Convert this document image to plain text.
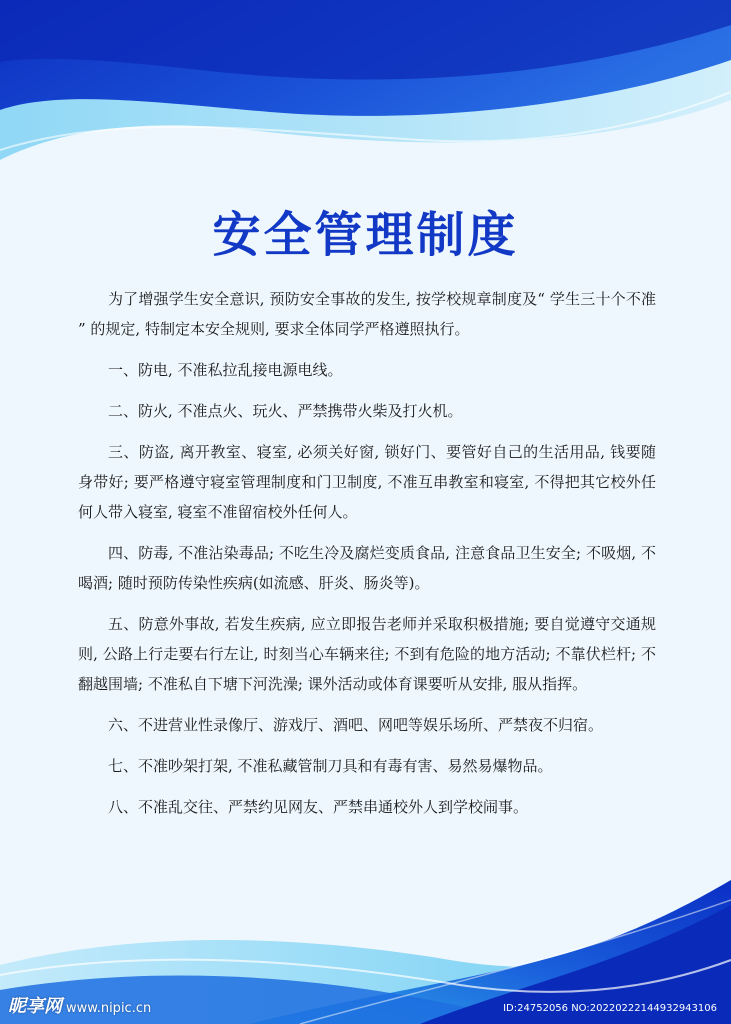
安全管理制度

为了增强学生安全意识, 预防安全事故的发生, 按学校规章制度及“ 学生三十个不准 ” 的规定, 特制定本安全规则, 要求全体同学严格遵照执行。

一、防电, 不准私拉乱接电源电线。

二、防火, 不准点火、玩火、严禁携带火柴及打火机。

三、防盗, 离开教室、寝室, 必须关好窗, 锁好门、要管好自己的生活用品, 钱要随身带好; 要严格遵守寝室管理制度和门卫制度, 不准互串教室和寝室, 不得把其它校外任何人带入寝室, 寝室不准留宿校外任何人。

四、防毒, 不准沾染毒品; 不吃生冷及腐烂变质食品, 注意食品卫生安全; 不吸烟, 不喝酒; 随时预防传染性疾病(如流感、肝炎、肠炎等)。

五、防意外事故, 若发生疾病, 应立即报告老师并采取积极措施; 要自觉遵守交通规则, 公路上行走要右行左让, 时刻当心车辆来往; 不到有危险的地方活动; 不靠伏栏杆; 不翻越围墙; 不准私自下塘下河洗澡; 课外活动或体育课要听从安排, 服从指挥。

六、不进营业性录像厅、游戏厅、酒吧、网吧等娱乐场所、严禁夜不归宿。

七、不准吵架打架, 不准私藏管制刀具和有毒有害、易然易爆物品。

八、不准乱交往、严禁约见网友、严禁串通校外人到学校闹事。

昵享网 www.nipic.cn	ID:24752056 NO:20220222144932943106
